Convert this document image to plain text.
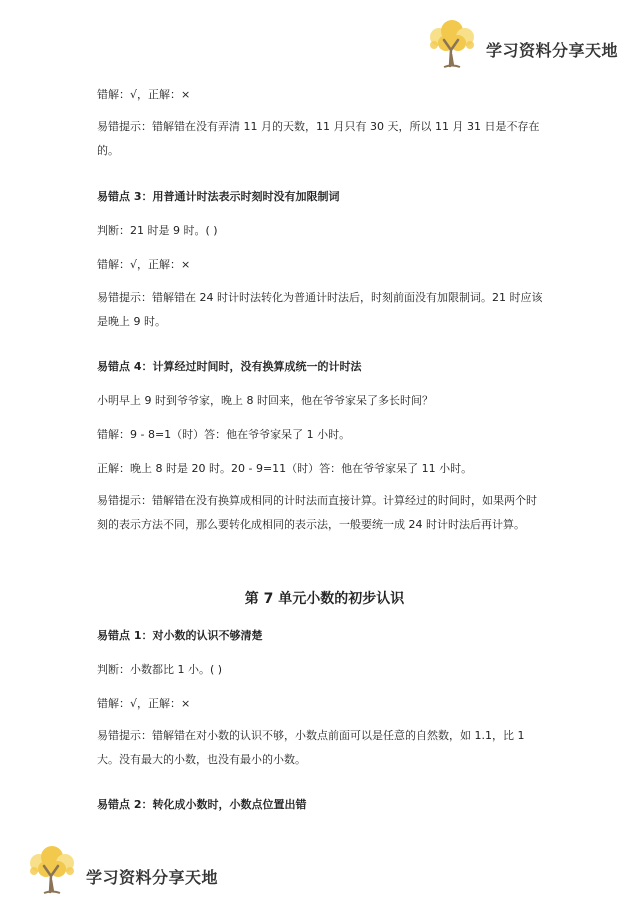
学习资料分享天地
错解：√，正解：×
易错提示：错解错在没有弄清 11 月的天数，11 月只有 30 天，所以 11 月 31 日是不存在的。
易错点 3：用普通计时法表示时刻时没有加限制词
判断：21 时是 9 时。( )
错解：√，正解：×
易错提示：错解错在 24 时计时法转化为普通计时法后，时刻前面没有加限制词。21 时应该是晚上 9 时。
易错点 4：计算经过时间时，没有换算成统一的计时法
小明早上 9 时到爷爷家，晚上 8 时回来，他在爷爷家呆了多长时间？
错解：9 - 8=1（时）答：他在爷爷家呆了 1 小时。
正解：晚上 8 时是 20 时。20 - 9=11（时）答：他在爷爷家呆了 11 小时。
易错提示：错解错在没有换算成相同的计时法而直接计算。计算经过的时间时，如果两个时刻的表示方法不同，那么要转化成相同的表示法，一般要统一成 24 时计时法后再计算。
第 7 单元小数的初步认识
易错点 1：对小数的认识不够清楚
判断：小数都比 1 小。( )
错解：√，正解：×
易错提示：错解错在对小数的认识不够，小数点前面可以是任意的自然数，如 1.1，比 1 大。没有最大的小数，也没有最小的小数。
易错点 2：转化成小数时，小数点位置出错
学习资料分享天地
